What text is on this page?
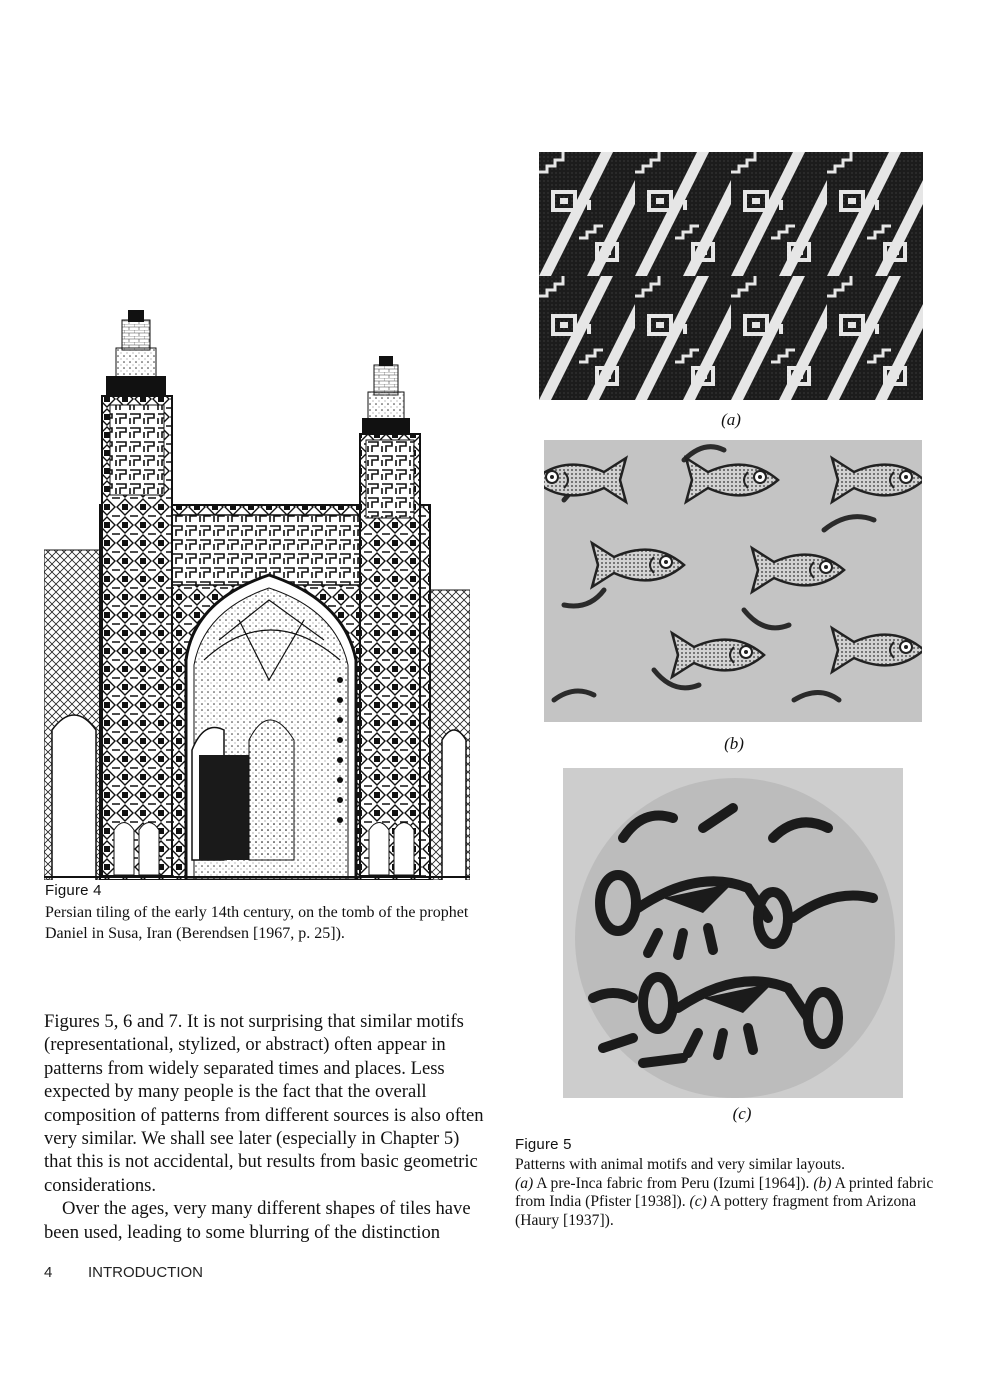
Figure 4
Persian tiling of the early 14th century, on the tomb of the prophet Daniel in Susa, Iran (Berendsen [1967, p. 25]).

Figures 5, 6 and 7. It is not surprising that similar motifs (representational, stylized, or abstract) often appear in patterns from widely separated times and places. Less expected by many people is the fact that the overall composition of patterns from different sources is also often very similar. We shall see later (especially in Chapter 5) that this is not accidental, but results from basic geometric considerations.

Over the ages, very many different shapes of tiles have been used, leading to some blurring of the distinction

4 INTRODUCTION
(a)
(b)
(c)
Figure 5
Patterns with animal motifs and very similar layouts.
(a) A pre-Inca fabric from Peru (Izumi [1964]). (b) A printed fabric from India (Pfister [1938]). (c) A pottery fragment from Arizona (Haury [1937]).
